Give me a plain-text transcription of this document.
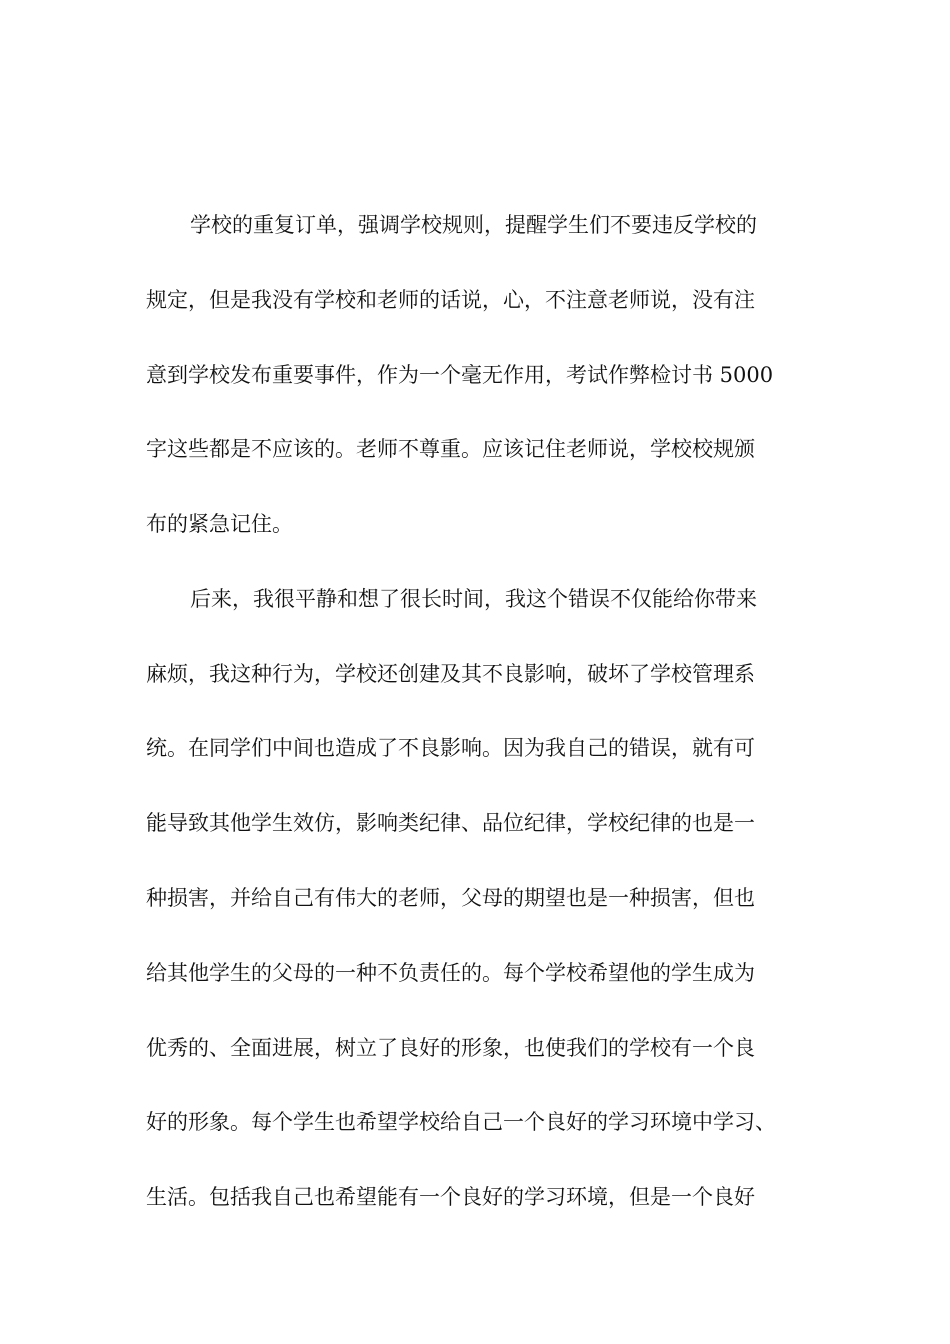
学校的重复订单，强调学校规则，提醒学生们不要违反学校的
规定，但是我没有学校和老师的话说，心，不注意老师说，没有注
意到学校发布重要事件，作为一个毫无作用，考试作弊检讨书 5000
字这些都是不应该的。老师不尊重。应该记住老师说，学校校规颁
布的紧急记住。
后来，我很平静和想了很长时间，我这个错误不仅能给你带来
麻烦，我这种行为，学校还创建及其不良影响，破坏了学校管理系
统。在同学们中间也造成了不良影响。因为我自己的错误，就有可
能导致其他学生效仿，影响类纪律、品位纪律，学校纪律的也是一
种损害，并给自己有伟大的老师，父母的期望也是一种损害，但也
给其他学生的父母的一种不负责任的。每个学校希望他的学生成为
优秀的、全面进展，树立了良好的形象，也使我们的学校有一个良
好的形象。每个学生也希望学校给自己一个良好的学习环境中学习、
生活。包括我自己也希望能有一个良好的学习环境，但是一个良好
